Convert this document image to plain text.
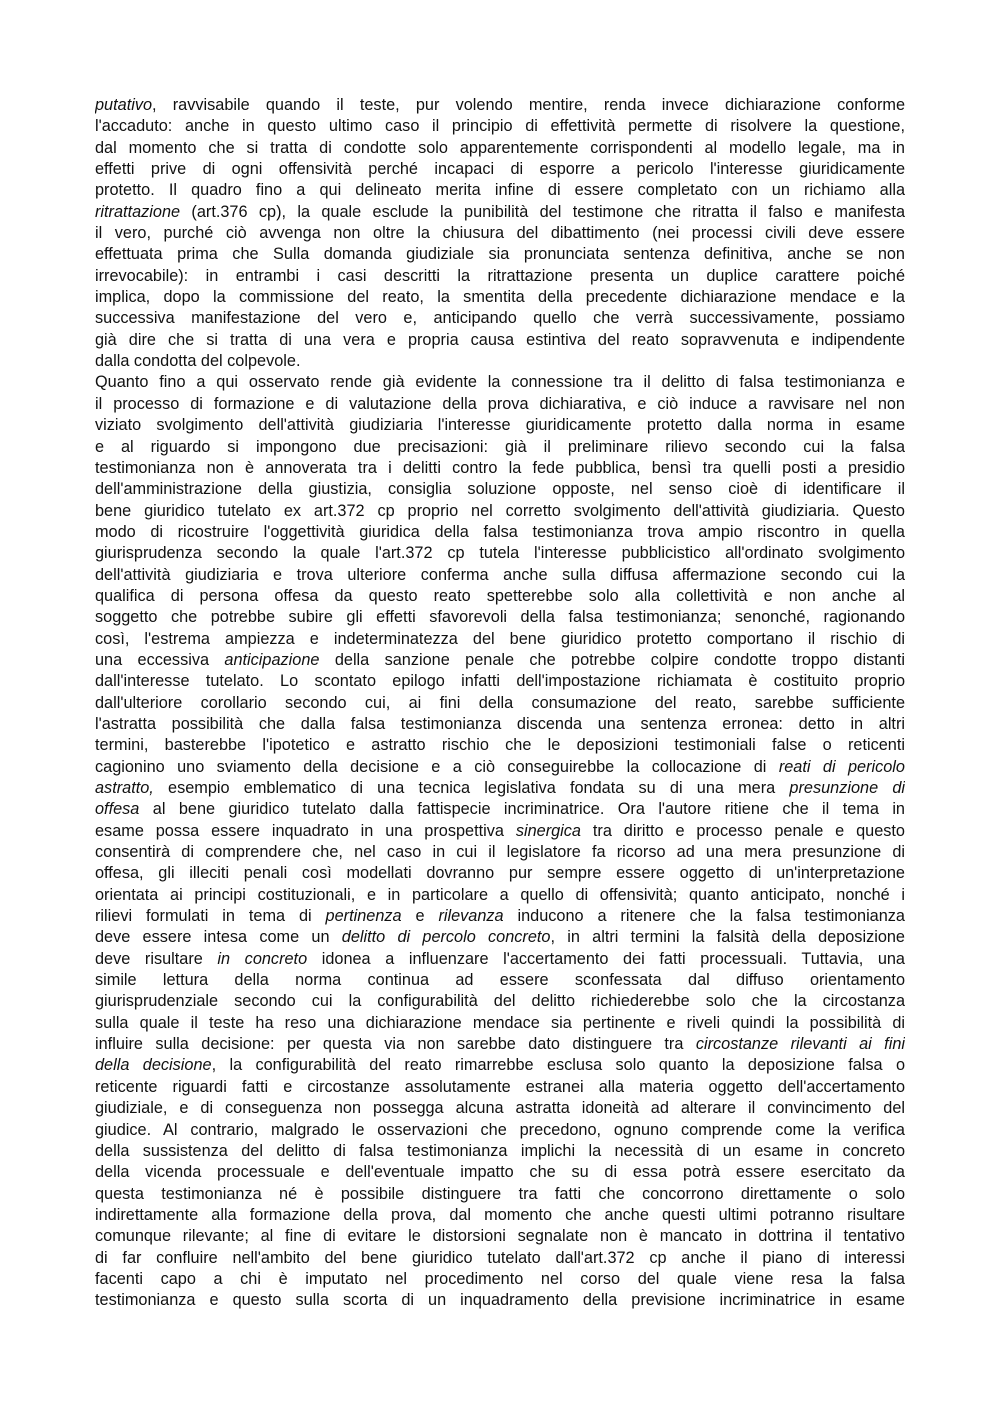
putativo, ravvisabile quando il teste, pur volendo mentire, renda invece dichiarazione conforme
l'accaduto: anche in questo ultimo caso il principio di effettività permette di risolvere la questione,
dal momento che si tratta di condotte solo apparentemente corrispondenti al modello legale, ma in
effetti prive di ogni offensività perché incapaci di esporre a pericolo l'interesse giuridicamente
protetto. Il quadro fino a qui delineato merita infine di essere completato con un richiamo alla
ritrattazione (art.376 cp), la quale esclude la punibilità del testimone che ritratta il falso e manifesta
il vero, purché ciò avvenga non oltre la chiusura del dibattimento (nei processi civili deve essere
effettuata prima che Sulla domanda giudiziale sia pronunciata sentenza definitiva, anche se non
irrevocabile): in entrambi i casi descritti la ritrattazione presenta un duplice carattere poiché
implica, dopo la commissione del reato, la smentita della precedente dichiarazione mendace e la
successiva manifestazione del vero e, anticipando quello che verrà successivamente, possiamo
già dire che si tratta di una vera e propria causa estintiva del reato sopravvenuta e indipendente
dalla condotta del colpevole.
Quanto fino a qui osservato rende già evidente la connessione tra il delitto di falsa testimonianza e
il processo di formazione e di valutazione della prova dichiarativa, e ciò induce a ravvisare nel non
viziato svolgimento dell'attività giudiziaria l'interesse giuridicamente protetto dalla norma in esame
e al riguardo si impongono due precisazioni: già il preliminare rilievo secondo cui la falsa
testimonianza non è annoverata tra i delitti contro la fede pubblica, bensì tra quelli posti a presidio
dell'amministrazione della giustizia, consiglia soluzione opposte, nel senso cioè di identificare il
bene giuridico tutelato ex art.372 cp proprio nel corretto svolgimento dell'attività giudiziaria. Questo
modo di ricostruire l'oggettività giuridica della falsa testimonianza trova ampio riscontro in quella
giurisprudenza secondo la quale l'art.372 cp tutela l'interesse pubblicistico all'ordinato svolgimento
dell'attività giudiziaria e trova ulteriore conferma anche sulla diffusa affermazione secondo cui la
qualifica di persona offesa da questo reato spetterebbe solo alla collettività e non anche al
soggetto che potrebbe subire gli effetti sfavorevoli della falsa testimonianza; senonché, ragionando
così, l'estrema ampiezza e indeterminatezza del bene giuridico protetto comportano il rischio di
una eccessiva anticipazione della sanzione penale che potrebbe colpire condotte troppo distanti
dall'interesse tutelato. Lo scontato epilogo infatti dell'impostazione richiamata è costituito proprio
dall'ulteriore corollario secondo cui, ai fini della consumazione del reato, sarebbe sufficiente
l'astratta possibilità che dalla falsa testimonianza discenda una sentenza erronea: detto in altri
termini, basterebbe l'ipotetico e astratto rischio che le deposizioni testimoniali false o reticenti
cagionino uno sviamento della decisione e a ciò conseguirebbe la collocazione di reati di pericolo
astratto, esempio emblematico di una tecnica legislativa fondata su di una mera presunzione di
offesa al bene giuridico tutelato dalla fattispecie incriminatrice. Ora l'autore ritiene che il tema in
esame possa essere inquadrato in una prospettiva sinergica tra diritto e processo penale e questo
consentirà di comprendere che, nel caso in cui il legislatore fa ricorso ad una mera presunzione di
offesa, gli illeciti penali così modellati dovranno pur sempre essere oggetto di un'interpretazione
orientata ai principi costituzionali, e in particolare a quello di offensività; quanto anticipato, nonché i
rilievi formulati in tema di pertinenza e rilevanza inducono a ritenere che la falsa testimonianza
deve essere intesa come un delitto di percolo concreto, in altri termini la falsità della deposizione
deve risultare in concreto idonea a influenzare l'accertamento dei fatti processuali. Tuttavia, una
simile lettura della norma continua ad essere sconfessata dal diffuso orientamento
giurisprudenziale secondo cui la configurabilità del delitto richiederebbe solo che la circostanza
sulla quale il teste ha reso una dichiarazione mendace sia pertinente e riveli quindi la possibilità di
influire sulla decisione: per questa via non sarebbe dato distinguere tra circostanze rilevanti ai fini
della decisione, la configurabilità del reato rimarrebbe esclusa solo quanto la deposizione falsa o
reticente riguardi fatti e circostanze assolutamente estranei alla materia oggetto dell'accertamento
giudiziale, e di conseguenza non possegga alcuna astratta idoneità ad alterare il convincimento del
giudice. Al contrario, malgrado le osservazioni che precedono, ognuno comprende come la verifica
della sussistenza del delitto di falsa testimonianza implichi la necessità di un esame in concreto
della vicenda processuale e dell'eventuale impatto che su di essa potrà essere esercitato da
questa testimonianza né è possibile distinguere tra fatti che concorrono direttamente o solo
indirettamente alla formazione della prova, dal momento che anche questi ultimi potranno risultare
comunque rilevante; al fine di evitare le distorsioni segnalate non è mancato in dottrina il tentativo
di far confluire nell'ambito del bene giuridico tutelato dall'art.372 cp anche il piano di interessi
facenti capo a chi è imputato nel procedimento nel corso del quale viene resa la falsa
testimonianza e questo sulla scorta di un inquadramento della previsione incriminatrice in esame
